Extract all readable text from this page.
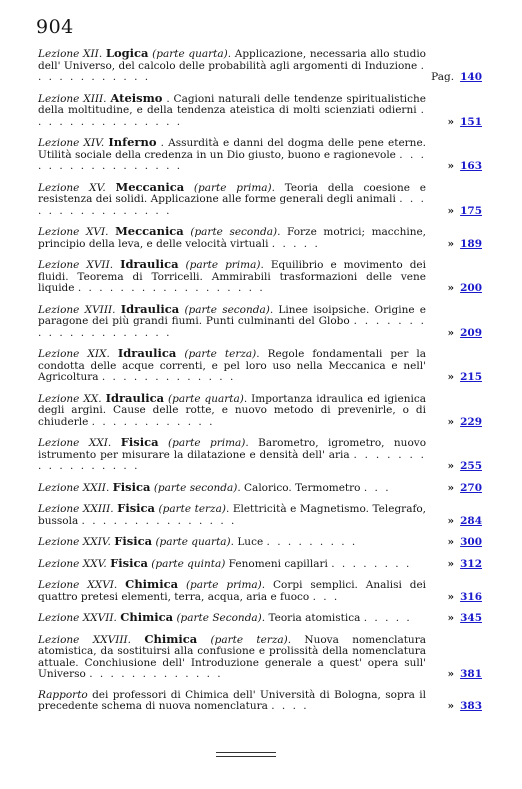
904
Lezione XII. Logica (parte quarta). Applicazione, necessaria allo studio dell' Universo, del calcolo delle probabilità agli argomenti di Induzione . . . . . . . . . . . .	Pag. 140
Lezione XIII. Ateismo . Cagioni naturali delle tendenze spiritualistiche della moltitudine, e della tendenza ateistica di molti scienziati odierni . . . . . . . . . . . . . . .	» 151
Lezione XIV. Inferno . Assurdità e danni del dogma delle pene eterne. Utilità sociale della credenza in un Dio giusto, buono e ragionevole . . . . . . . . . . . . . . . . .	» 163
Lezione XV. Meccanica (parte prima). Teoria della coesione e resistenza dei solidi. Applicazione alle forme generali degli animali . . . . . . . . . . . . . . . .	» 175
Lezione XVI. Meccanica (parte seconda). Forze motrici; macchine, principio della leva, e delle velocità virtuali . . . . .	» 189
Lezione XVII. Idraulica (parte prima). Equilibrio e movimento dei fluidi. Teorema di Torricelli. Ammirabili trasformazioni delle vene liquide . . . . . . . . . . . . . . . . . .	» 200
Lezione XVIII. Idraulica (parte seconda). Linee isoipsiche. Origine e paragone dei più grandi fiumi. Punti culminanti del Globo . . . . . . . . . . . . . . . . . . . .	» 209
Lezione XIX. Idraulica (parte terza). Regole fondamentali per la condotta delle acque correnti, e pel loro uso nella Meccanica e nell' Agricoltura . . . . . . . . . . . . .	» 215
Lezione XX. Idraulica (parte quarta). Importanza idraulica ed igienica degli argini. Cause delle rotte, e nuovo metodo di prevenirle, o di chiuderle . . . . . . . . . . . .	» 229
Lezione XXI. Fisica (parte prima). Barometro, igrometro, nuovo istrumento per misurare la dilatazione e densità dell' aria . . . . . . . . . . . . . . . . .	» 255
Lezione XXII. Fisica (parte seconda). Calorico. Termometro . . .	» 270
Lezione XXIII. Fisica (parte terza). Elettricità e Magnetismo. Telegrafo, bussola . . . . . . . . . . . . . . .	» 284
Lezione XXIV. Fisica (parte quarta). Luce . . . . . . . . .	» 300
Lezione XXV. Fisica (parte quinta) Fenomeni capillari . . . . . . . .	» 312
Lezione XXVI. Chimica (parte prima). Corpi semplici. Analisi dei quattro pretesi elementi, terra, acqua, aria e fuoco . . .	» 316
Lezione XXVII. Chimica (parte Seconda). Teoria atomistica . . . . .	» 345
Lezione XXVIII. Chimica (parte terza). Nuova nomenclatura atomistica, da sostituirsi alla confusione e prolissità della nomenclatura attuale. Conchiusione dell' Introduzione generale a quest' opera sull' Universo . . . . . . . . . . . . .	» 381
Rapporto dei professori di Chimica dell' Università di Bologna, sopra il precedente schema di nuova nomenclatura . . . .	» 383
